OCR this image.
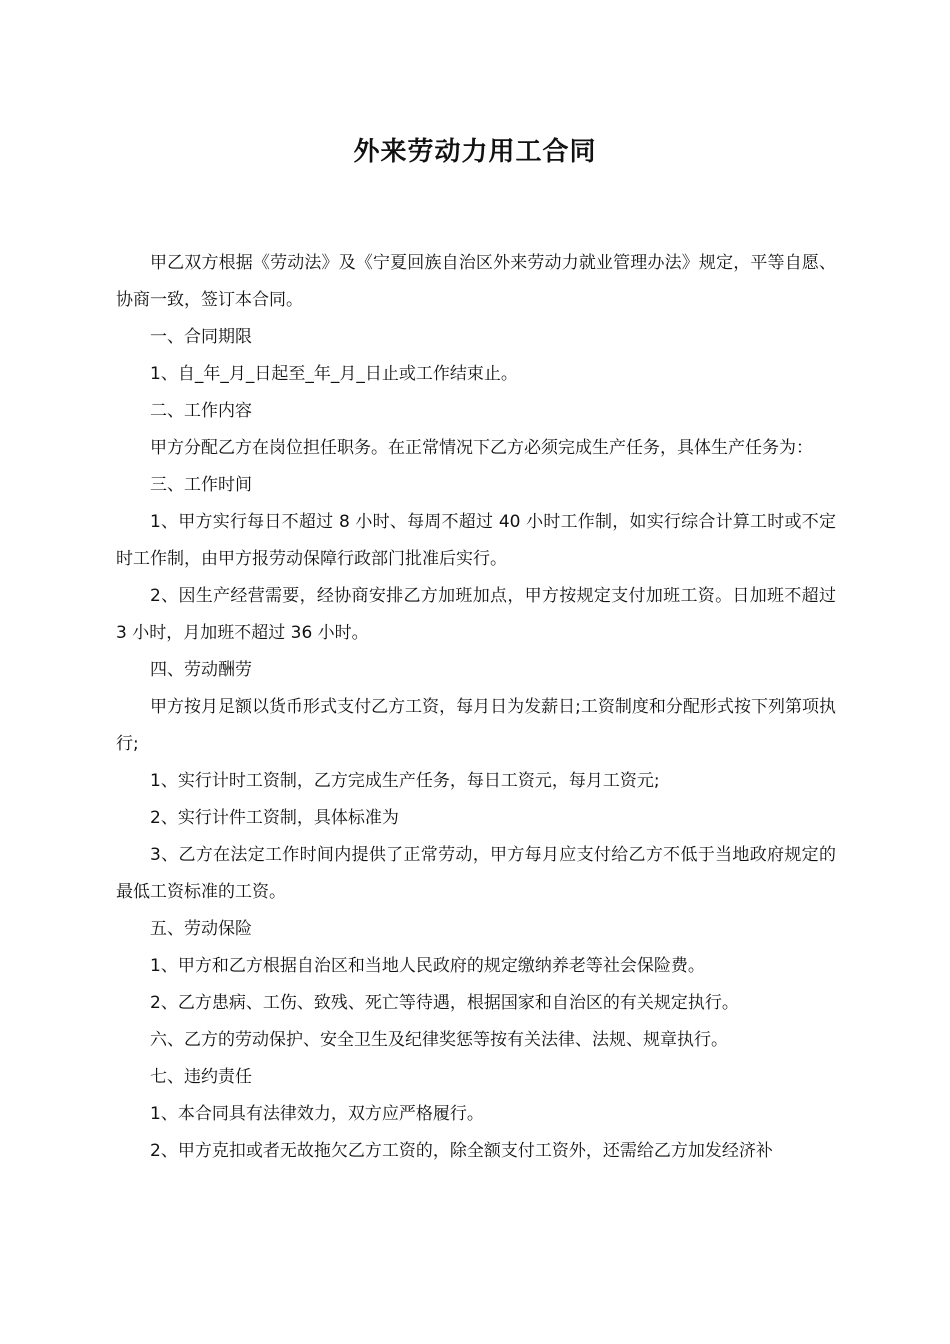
外来劳动力用工合同

甲乙双方根据《劳动法》及《宁夏回族自治区外来劳动力就业管理办法》规定，平等自愿、协商一致，签订本合同。

一、合同期限

1、自_年_月_日起至_年_月_日止或工作结束止。

二、工作内容

甲方分配乙方在岗位担任职务。在正常情况下乙方必须完成生产任务，具体生产任务为：

三、工作时间

1、甲方实行每日不超过 8 小时、每周不超过 40 小时工作制，如实行综合计算工时或不定时工作制，由甲方报劳动保障行政部门批准后实行。

2、因生产经营需要，经协商安排乙方加班加点，甲方按规定支付加班工资。日加班不超过 3 小时，月加班不超过 36 小时。

四、劳动酬劳

甲方按月足额以货币形式支付乙方工资，每月日为发薪日;工资制度和分配形式按下列第项执行;

1、实行计时工资制，乙方完成生产任务，每日工资元，每月工资元;

2、实行计件工资制，具体标准为

3、乙方在法定工作时间内提供了正常劳动，甲方每月应支付给乙方不低于当地政府规定的最低工资标准的工资。

五、劳动保险

1、甲方和乙方根据自治区和当地人民政府的规定缴纳养老等社会保险费。

2、乙方患病、工伤、致残、死亡等待遇，根据国家和自治区的有关规定执行。

六、乙方的劳动保护、安全卫生及纪律奖惩等按有关法律、法规、规章执行。

七、违约责任

1、本合同具有法律效力，双方应严格履行。

2、甲方克扣或者无故拖欠乙方工资的，除全额支付工资外，还需给乙方加发经济补
